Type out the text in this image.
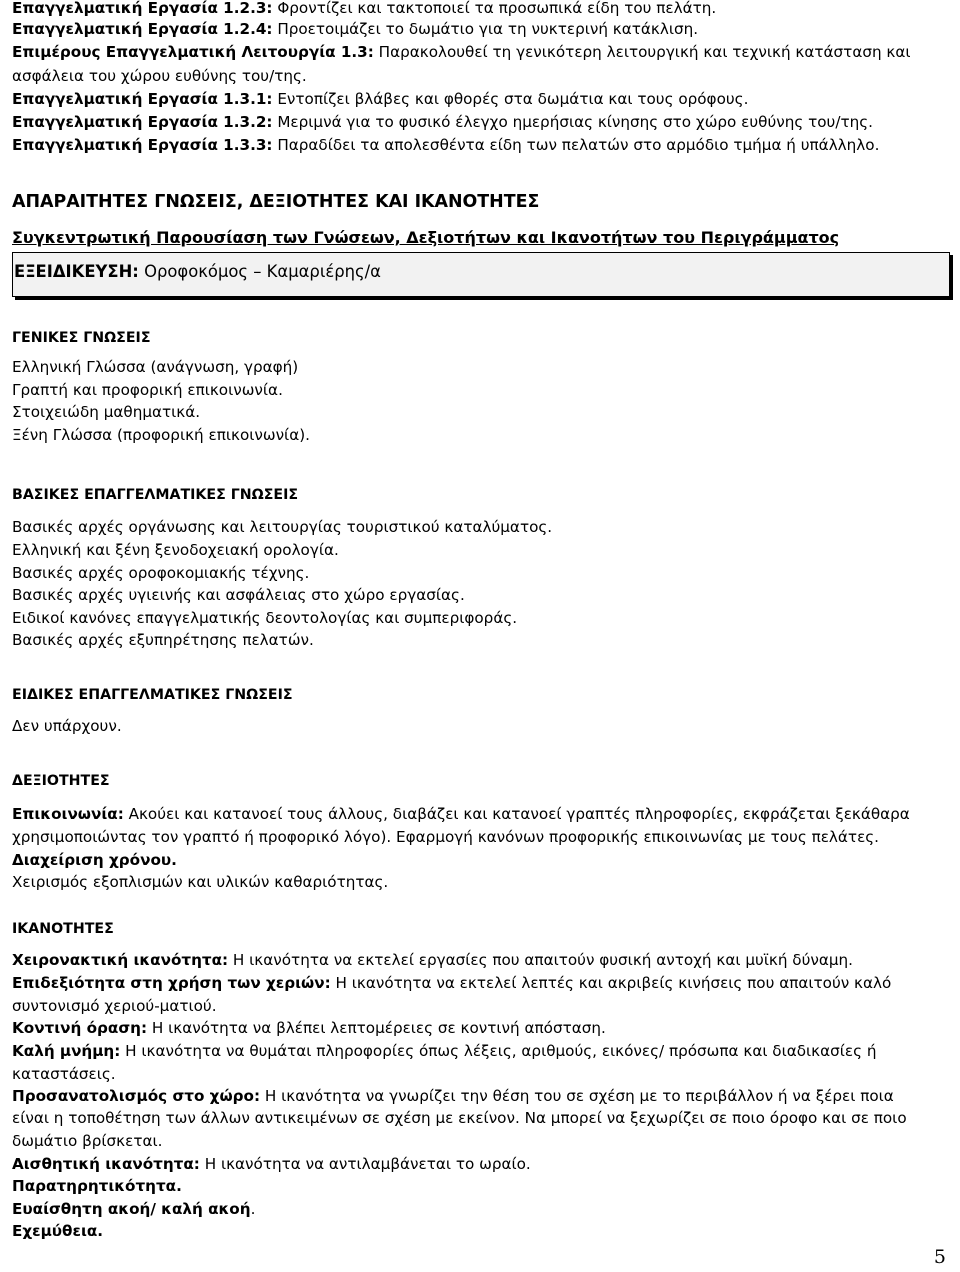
Επαγγελματική Εργασία 1.2.3: Φροντίζει και τακτοποιεί τα προσωπικά είδη του πελάτη.
Επαγγελματική Εργασία 1.2.4: Προετοιμάζει το δωμάτιο για τη νυκτερινή κατάκλιση.
Επιμέρους Επαγγελματική Λειτουργία 1.3: Παρακολουθεί τη γενικότερη λειτουργική και τεχνική κατάσταση και
ασφάλεια του χώρου ευθύνης του/της.
Επαγγελματική Εργασία 1.3.1: Εντοπίζει βλάβες και φθορές στα δωμάτια και τους ορόφους.
Επαγγελματική Εργασία 1.3.2: Μεριμνά για το φυσικό έλεγχο ημερήσιας κίνησης στο χώρο ευθύνης του/της.
Επαγγελματική Εργασία 1.3.3: Παραδίδει τα απολεσθέντα είδη των πελατών στο αρμόδιο τμήμα ή υπάλληλο.
ΑΠΑΡΑΙΤΗΤΕΣ ΓΝΩΣΕΙΣ, ΔΕΞΙΟΤΗΤΕΣ ΚΑΙ ΙΚΑΝΟΤΗΤΕΣ
Συγκεντρωτική Παρουσίαση των Γνώσεων, Δεξιοτήτων και Ικανοτήτων του Περιγράμματος
ΕΞΕΙΔΙΚΕΥΣΗ: Οροφοκόμος – Καμαριέρης/α
ΓΕΝΙΚΕΣ ΓΝΩΣΕΙΣ
Ελληνική Γλώσσα (ανάγνωση, γραφή)
Γραπτή και προφορική επικοινωνία.
Στοιχειώδη μαθηματικά.
Ξένη Γλώσσα (προφορική επικοινωνία).
ΒΑΣΙΚΕΣ ΕΠΑΓΓΕΛΜΑΤΙΚΕΣ ΓΝΩΣΕΙΣ
Βασικές αρχές οργάνωσης και λειτουργίας τουριστικού καταλύματος.
Ελληνική και ξένη ξενοδοχειακή ορολογία.
Βασικές αρχές οροφοκομιακής τέχνης.
Βασικές αρχές υγιεινής και ασφάλειας στο χώρο εργασίας.
Ειδικοί κανόνες επαγγελματικής δεοντολογίας και συμπεριφοράς.
Βασικές αρχές εξυπηρέτησης πελατών.
ΕΙΔΙΚΕΣ ΕΠΑΓΓΕΛΜΑΤΙΚΕΣ ΓΝΩΣΕΙΣ
Δεν υπάρχουν.
ΔΕΞΙΟΤΗΤΕΣ
Επικοινωνία: Ακούει και κατανοεί τους άλλους, διαβάζει και κατανοεί γραπτές πληροφορίες, εκφράζεται ξεκάθαρα
χρησιμοποιώντας τον γραπτό ή προφορικό λόγο). Εφαρμογή κανόνων προφορικής επικοινωνίας με τους πελάτες.
Διαχείριση χρόνου.
Χειρισμός εξοπλισμών και υλικών καθαριότητας.
ΙΚΑΝΟΤΗΤΕΣ
Χειρονακτική ικανότητα: Η ικανότητα να εκτελεί εργασίες που απαιτούν φυσική αντοχή και μυϊκή δύναμη.
Επιδεξιότητα στη χρήση των χεριών: Η ικανότητα να εκτελεί λεπτές και ακριβείς κινήσεις που απαιτούν καλό
συντονισμό χεριού-ματιού.
Κοντινή όραση: Η ικανότητα να βλέπει λεπτομέρειες σε κοντινή απόσταση.
Καλή μνήμη: Η ικανότητα να θυμάται πληροφορίες όπως λέξεις, αριθμούς, εικόνες/ πρόσωπα και διαδικασίες ή
καταστάσεις.
Προσανατολισμός στο χώρο: Η ικανότητα να γνωρίζει την θέση του σε σχέση με το περιβάλλον ή να ξέρει ποια
είναι η τοποθέτηση των άλλων αντικειμένων σε σχέση με εκείνον. Να μπορεί να ξεχωρίζει σε ποιο όροφο και σε ποιο
δωμάτιο βρίσκεται.
Αισθητική ικανότητα: Η ικανότητα να αντιλαμβάνεται το ωραίο.
Παρατηρητικότητα.
Ευαίσθητη ακοή/ καλή ακοή.
Εχεμύθεια.
5
